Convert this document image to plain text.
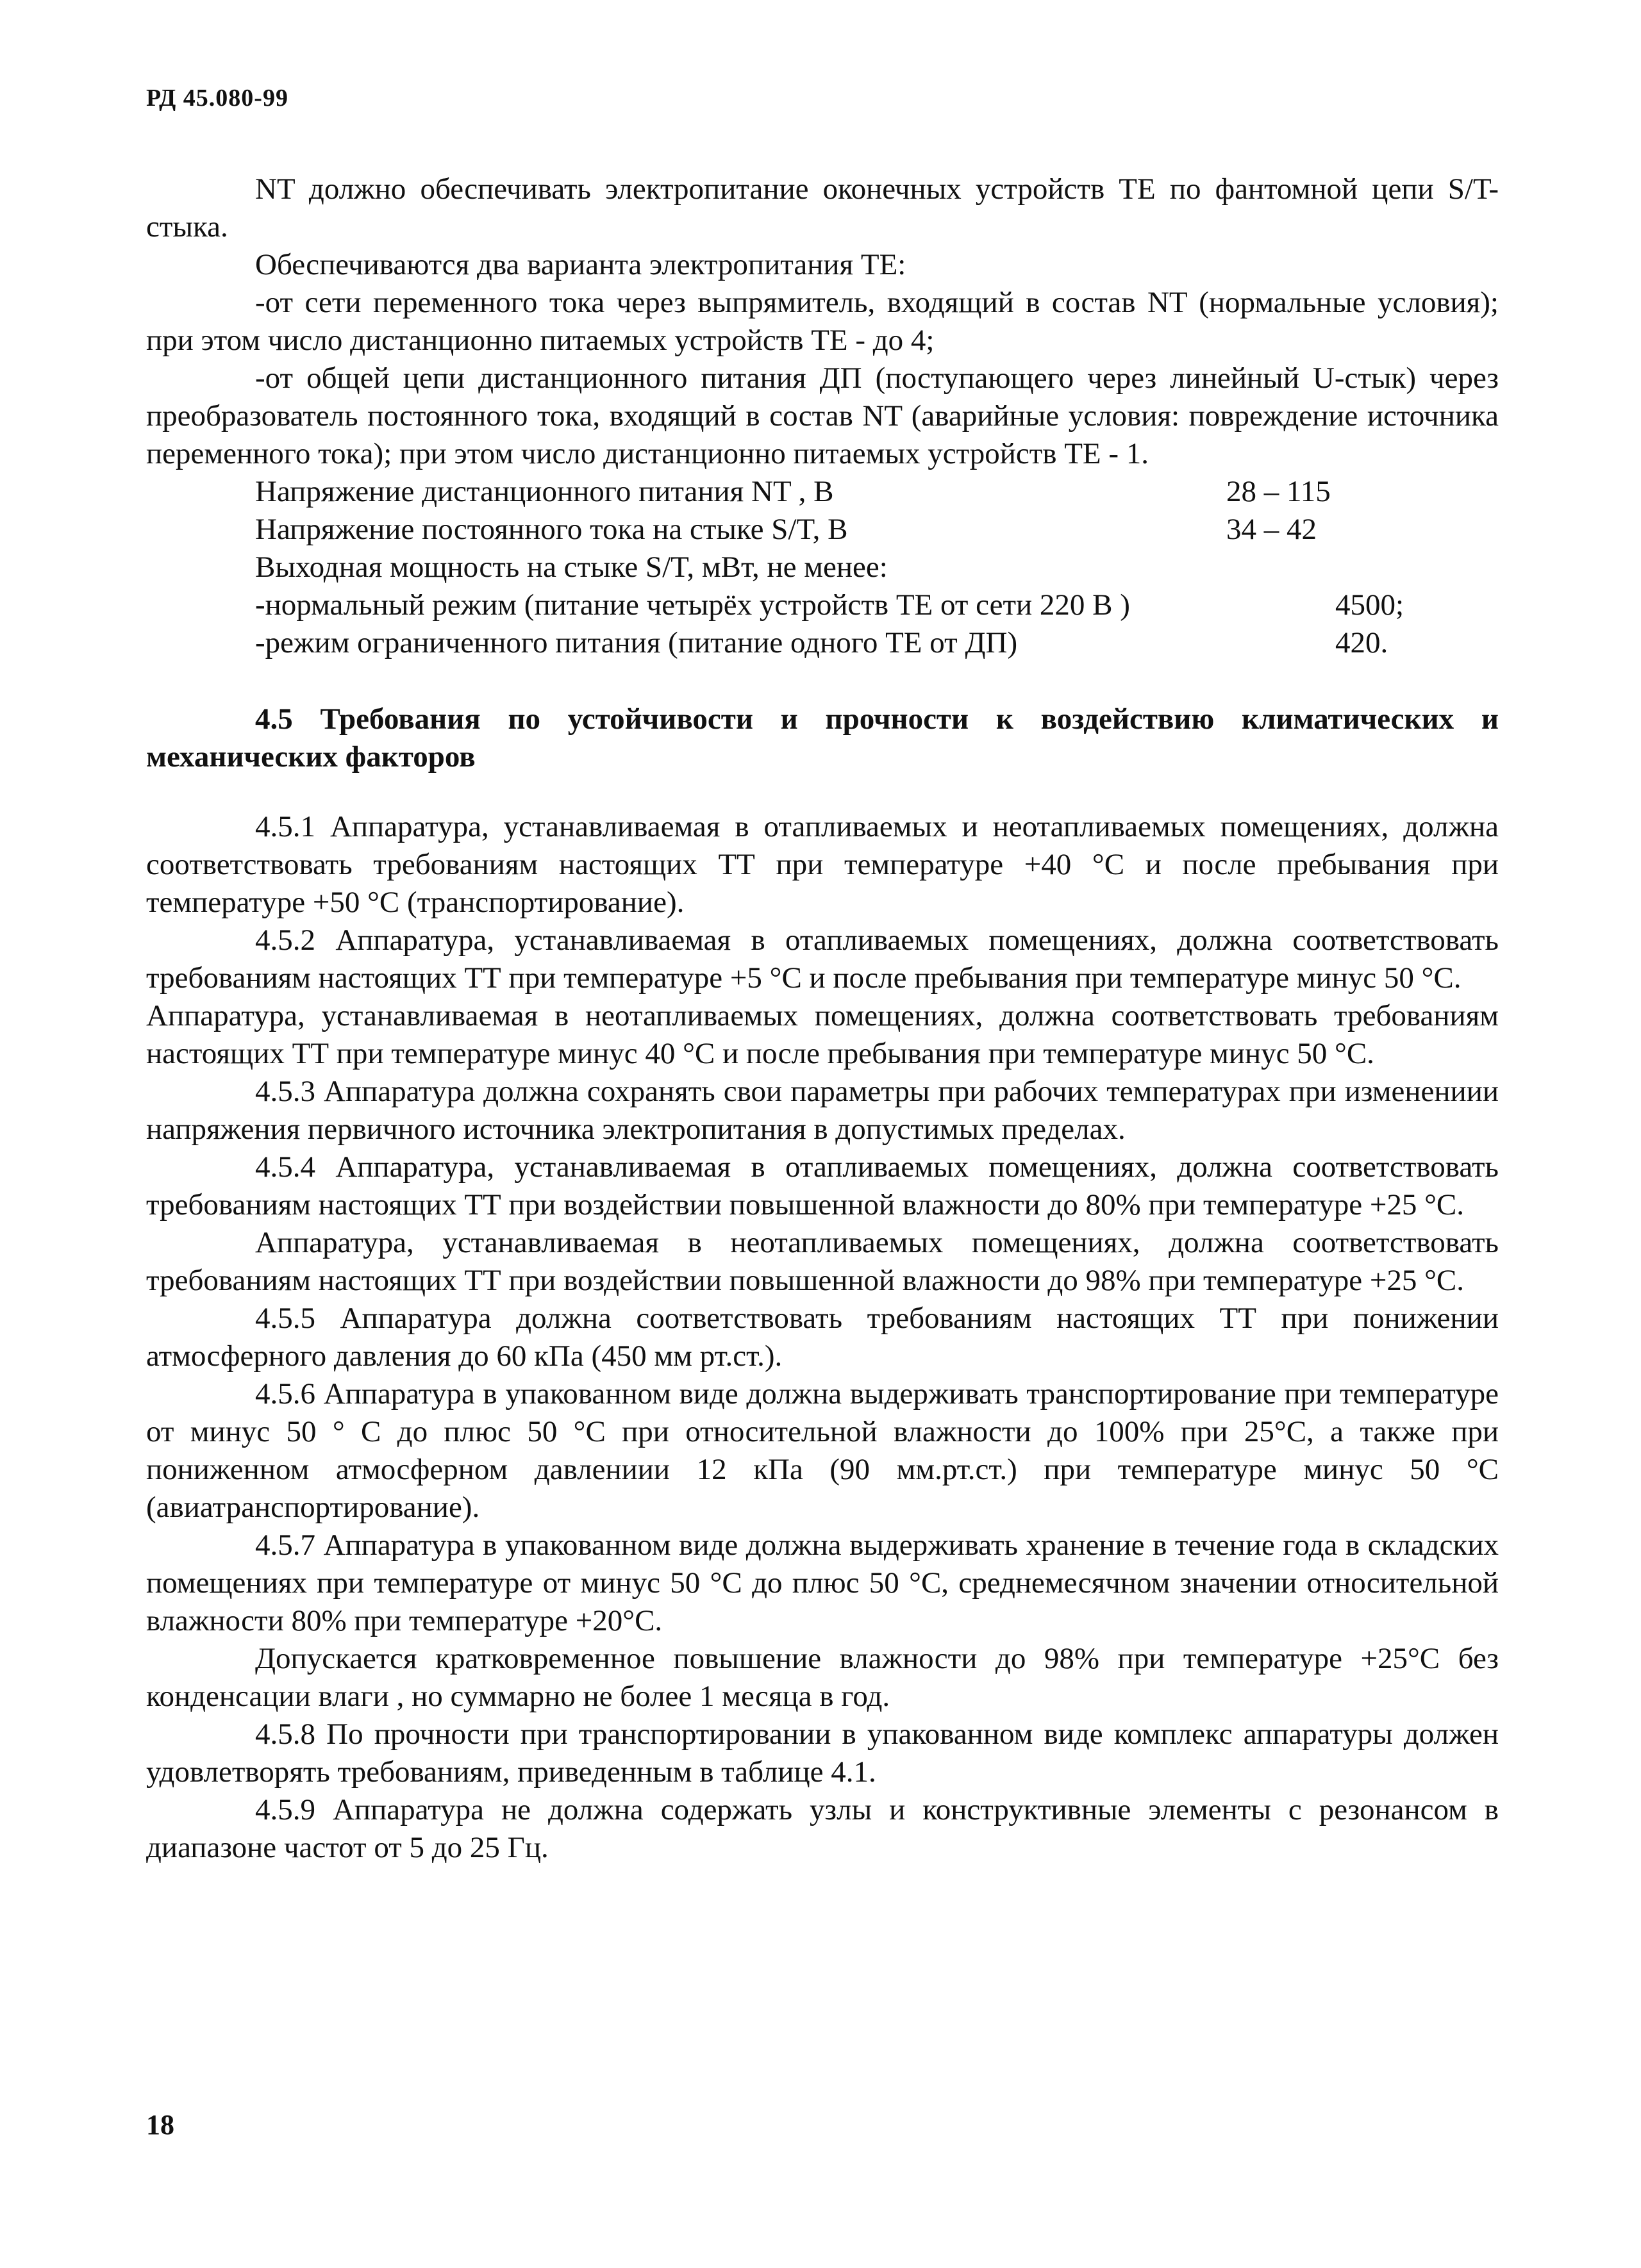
РД 45.080-99

NT должно обеспечивать электропитание оконечных устройств TE по фантомной цепи S/T-стыка.

Обеспечиваются два варианта электропитания TE:

-от сети переменного тока через выпрямитель, входящий в состав NT (нормальные условия); при этом число дистанционно питаемых устройств TE - до 4;

-от общей цепи дистанционного питания ДП (поступающего через линейный U-стык) через преобразователь постоянного тока, входящий в состав NT (аварийные условия: повреждение источника переменного тока); при этом число дистанционно питаемых устройств TE - 1.

Напряжение дистанционного питания NT , В	28 – 115
Напряжение постоянного тока на стыке S/T, В	34 – 42
Выходная мощность на стыке S/T, мВт, не менее:
-нормальный режим (питание четырёх устройств TE от сети 220 В )	4500;
-режим ограниченного питания (питание одного TE от ДП)	420.

4.5 Требования по устойчивости и прочности к воздействию климатических и механических факторов

4.5.1 Аппаратура, устанавливаемая в отапливаемых и неотапливаемых помещениях, должна соответствовать требованиям настоящих ТТ при температуре +40 °С и после пребывания при температуре +50 °С (транспортирование).

4.5.2 Аппаратура, устанавливаемая в отапливаемых помещениях, должна соответствовать требованиям настоящих ТТ при температуре +5 °С и после пребывания при температуре минус 50 °С.

Аппаратура, устанавливаемая в неотапливаемых помещениях, должна соответствовать требованиям настоящих ТТ при температуре минус 40 °С и после пребывания при температуре минус 50 °С.

4.5.3 Аппаратура должна сохранять свои параметры при рабочих температурах при изменениии напряжения первичного источника электропитания в допустимых пределах.

4.5.4 Аппаратура, устанавливаемая в отапливаемых помещениях, должна соответствовать требованиям настоящих ТТ при воздействии повышенной влажности до 80% при температуре +25 °С.

Аппаратура, устанавливаемая в неотапливаемых помещениях, должна соответствовать требованиям настоящих ТТ при воздействии повышенной влажности до 98% при температуре +25 °С.

4.5.5 Аппаратура должна соответствовать требованиям настоящих ТТ при понижении атмосферного давления до 60 кПа (450 мм рт.ст.).

4.5.6 Аппаратура в упакованном виде должна выдерживать транспортирование при температуре от минус 50 ° С до плюс 50 °С при относительной влажности до 100% при 25°С, а также при пониженном атмосферном давлениии 12 кПа (90 мм.рт.ст.) при температуре минус 50 °С (авиатранспортирование).

4.5.7 Аппаратура в упакованном виде должна выдерживать хранение в течение года в складских помещениях при температуре от минус 50 °С до плюс 50 °С, среднемесячном значении относительной влажности 80% при температуре +20°С.

Допускается кратковременное повышение влажности до 98% при температуре +25°С без конденсации влаги , но суммарно не более 1 месяца в год.

4.5.8 По прочности при транспортировании в упакованном виде комплекс аппаратуры должен удовлетворять требованиям, приведенным в таблице 4.1.

4.5.9 Аппаратура не должна содержать узлы и конструктивные элементы с резонансом в диапазоне частот от 5 до 25 Гц.

18
